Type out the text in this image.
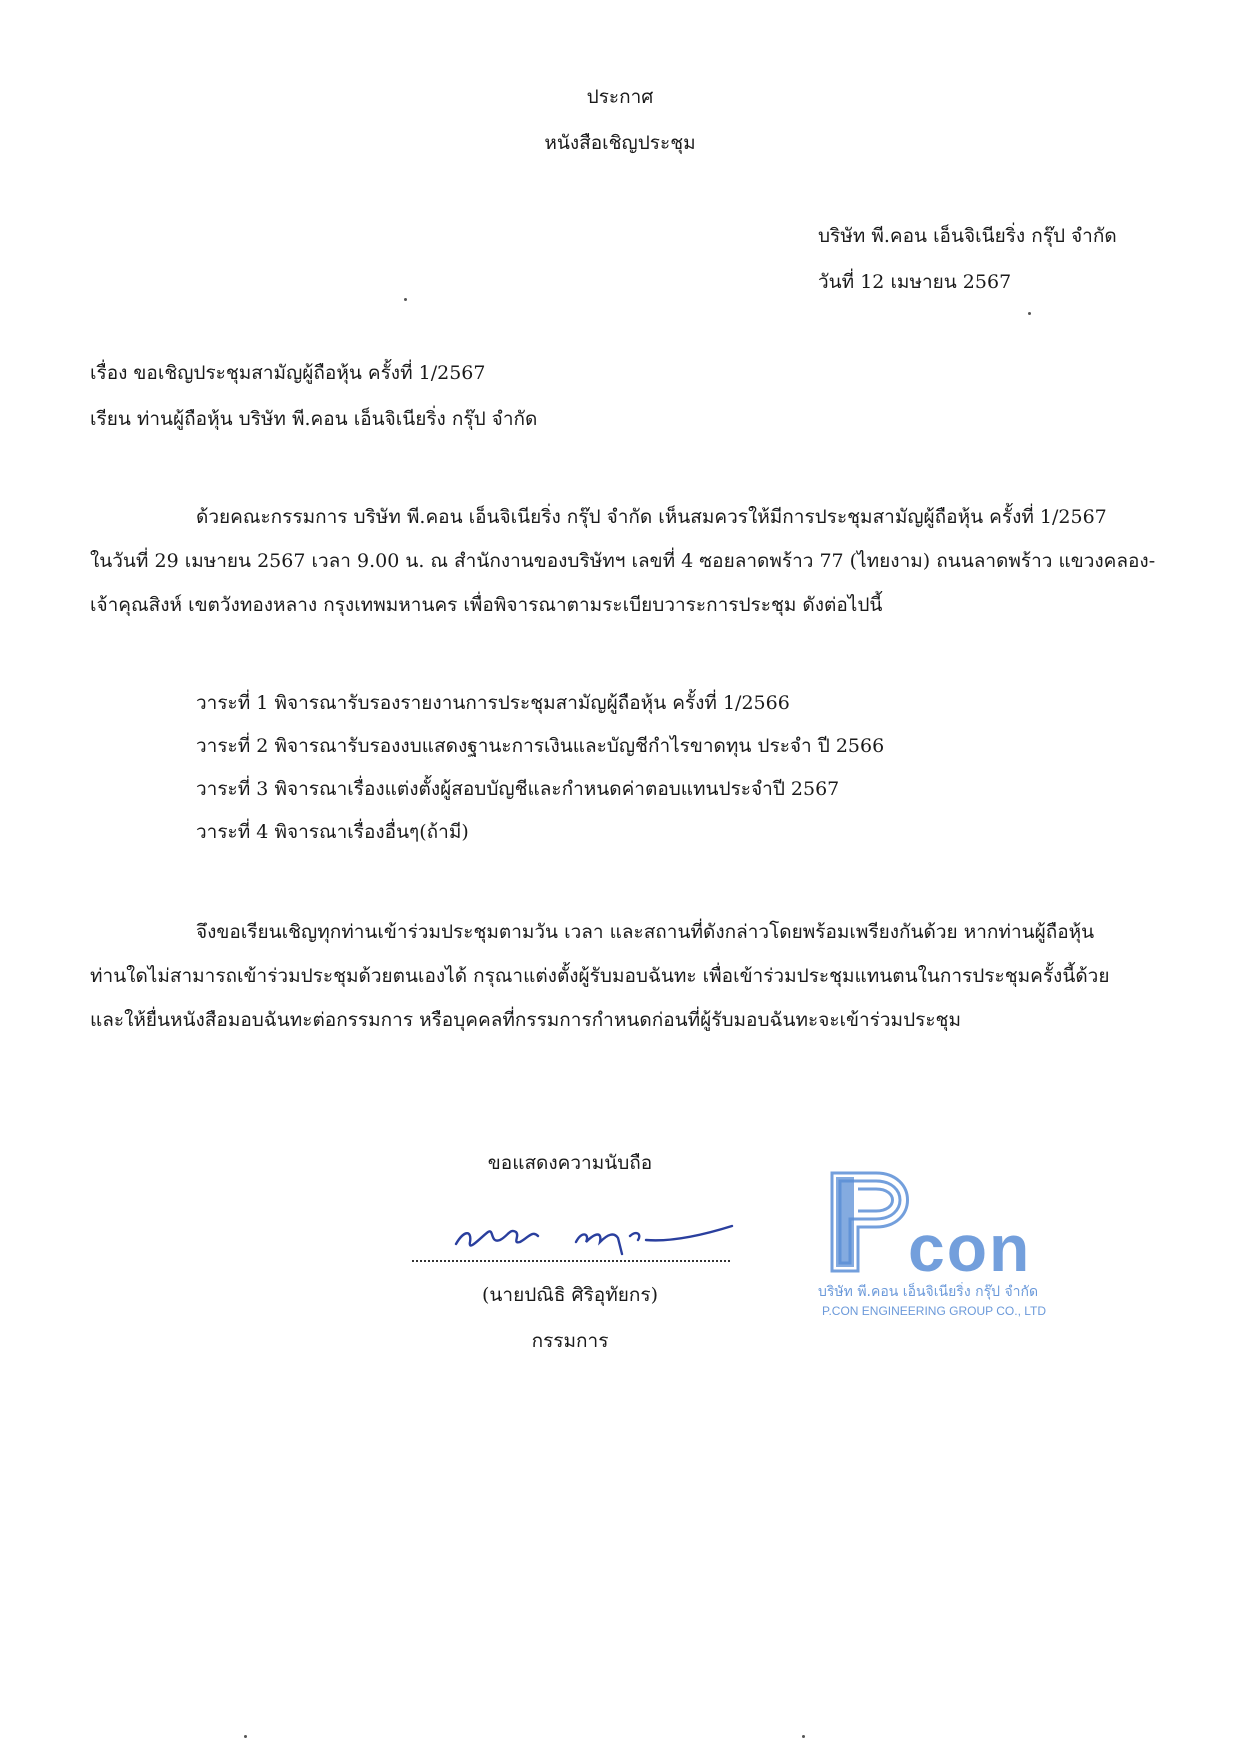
ประกาศ
หนังสือเชิญประชุม
บริษัท พี.คอน เอ็นจิเนียริ่ง กรุ๊ป จำกัด
วันที่ 12 เมษายน 2567
เรื่อง ขอเชิญประชุมสามัญผู้ถือหุ้น ครั้งที่ 1/2567
เรียน ท่านผู้ถือหุ้น บริษัท พี.คอน เอ็นจิเนียริ่ง กรุ๊ป จำกัด
ด้วยคณะกรรมการ บริษัท พี.คอน เอ็นจิเนียริ่ง กรุ๊ป จำกัด เห็นสมควรให้มีการประชุมสามัญผู้ถือหุ้น ครั้งที่ 1/2567
ในวันที่ 29 เมษายน 2567 เวลา 9.00 น. ณ สำนักงานของบริษัทฯ เลขที่ 4 ซอยลาดพร้าว 77 (ไทยงาม) ถนนลาดพร้าว แขวงคลอง-
เจ้าคุณสิงห์ เขตวังทองหลาง กรุงเทพมหานคร เพื่อพิจารณาตามระเบียบวาระการประชุม ดังต่อไปนี้
วาระที่ 1 พิจารณารับรองรายงานการประชุมสามัญผู้ถือหุ้น ครั้งที่ 1/2566
วาระที่ 2 พิจารณารับรองงบแสดงฐานะการเงินและบัญชีกำไรขาดทุน ประจำ ปี 2566
วาระที่ 3 พิจารณาเรื่องแต่งตั้งผู้สอบบัญชีและกำหนดค่าตอบแทนประจำปี 2567
วาระที่ 4 พิจารณาเรื่องอื่นๆ(ถ้ามี)
จึงขอเรียนเชิญทุกท่านเข้าร่วมประชุมตามวัน เวลา และสถานที่ดังกล่าวโดยพร้อมเพรียงกันด้วย หากท่านผู้ถือหุ้น
ท่านใดไม่สามารถเข้าร่วมประชุมด้วยตนเองได้ กรุณาแต่งตั้งผู้รับมอบฉันทะ เพื่อเข้าร่วมประชุมแทนตนในการประชุมครั้งนี้ด้วย
และให้ยื่นหนังสือมอบฉันทะต่อกรรมการ หรือบุคคลที่กรรมการกำหนดก่อนที่ผู้รับมอบฉันทะจะเข้าร่วมประชุม
ขอแสดงความนับถือ
(นายปณิธิ ศิริอุทัยกร)
กรรมการ
con
บริษัท พี.คอน เอ็นจิเนียริ่ง กรุ๊ป จำกัด
P.CON ENGINEERING GROUP CO., LTD
